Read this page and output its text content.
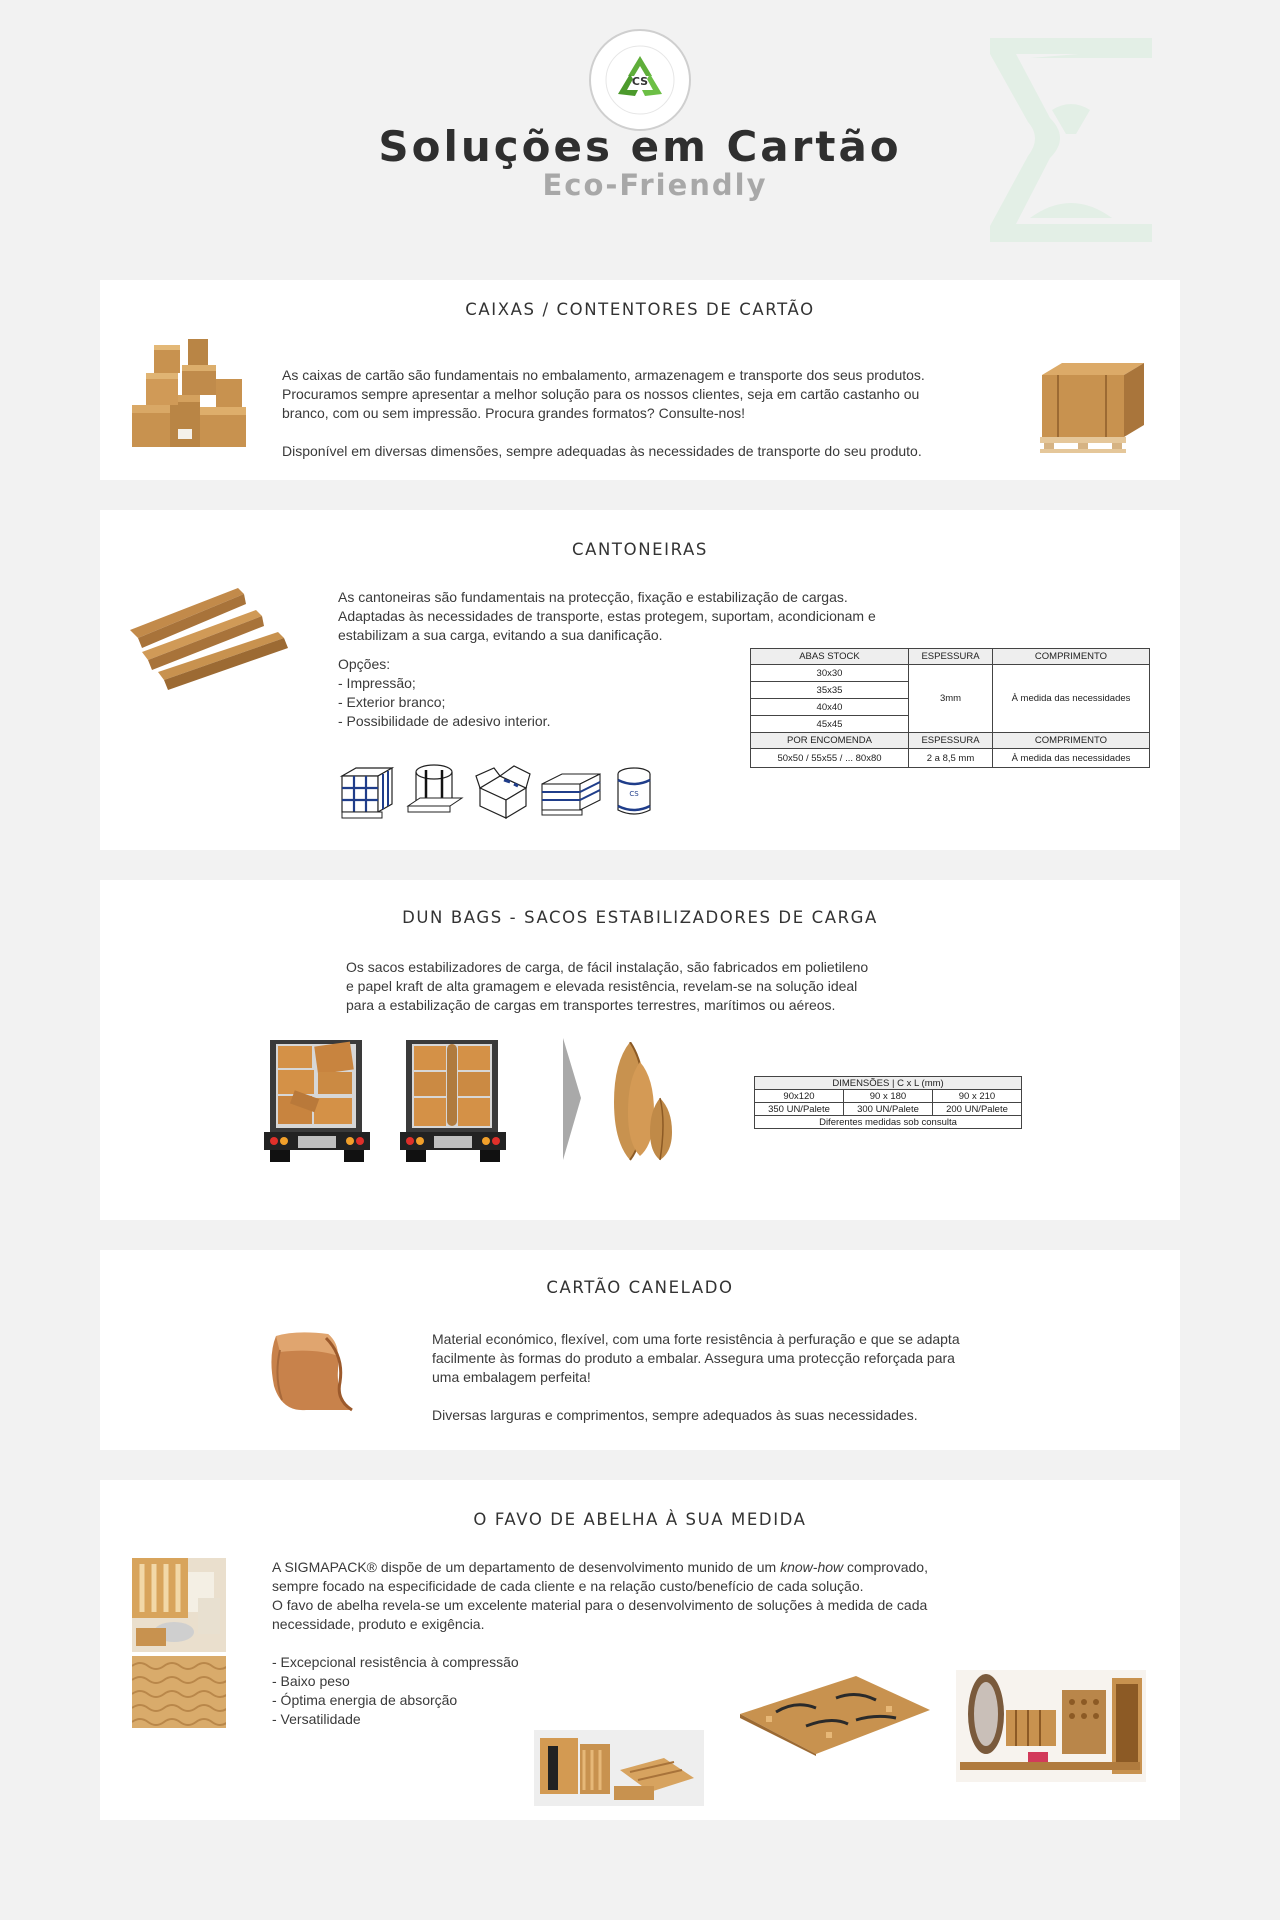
CS
Soluções em Cartão
Eco-Friendly
CAIXAS / CONTENTORES DE CARTÃO

As caixas de cartão são fundamentais no embalamento, armazenagem e transporte dos seus produtos.
Procuramos sempre apresentar a melhor solução para os nossos clientes, seja em cartão castanho ou
branco, com ou sem impressão. Procura grandes formatos? Consulte-nos!

Disponível em diversas dimensões, sempre adequadas às necessidades de transporte do seu produto.

CANTONEIRAS

As cantoneiras são fundamentais na protecção, fixação e estabilização de cargas.
Adaptadas às necessidades de transporte, estas protegem, suportam, acondicionam e
estabilizam a sua carga, evitando a sua danificação.

Opções:

- Impressão;

- Exterior branco;

- Possibilidade de adesivo interior.

CS
ABAS STOCK	ESPESSURA	COMPRIMENTO
30x30	3mm	À medida das necessidades
35x35		
40x40		
45x45		
POR ENCOMENDA	ESPESSURA	COMPRIMENTO
50x50 / 55x55 / ... 80x80	2 a 8,5 mm	À medida das necessidades
DUN BAGS - SACOS ESTABILIZADORES DE CARGA

Os sacos estabilizadores de carga, de fácil instalação, são fabricados em polietileno
e papel kraft de alta gramagem e elevada resistência, revelam-se na solução ideal
para a estabilização de cargas em transportes terrestres, marítimos ou aéreos.

DIMENSÕES | C x L (mm)		
90x120	90 x 180	90 x 210
350 UN/Palete	300 UN/Palete	200 UN/Palete
Diferentes medidas sob consulta		
CARTÃO CANELADO

Material económico, flexível, com uma forte resistência à perfuração e que se adapta
facilmente às formas do produto a embalar. Assegura uma protecção reforçada para
uma embalagem perfeita!

Diversas larguras e comprimentos, sempre adequados às suas necessidades.

O FAVO DE ABELHA À SUA MEDIDA

A SIGMAPACK® dispõe de um departamento de desenvolvimento munido de um know-how comprovado,

sempre focado na especificidade de cada cliente e na relação custo/benefício de cada solução.

O favo de abelha revela-se um excelente material para o desenvolvimento de soluções à medida de cada

necessidade, produto e exigência.

- Excepcional resistência à compressão

- Baixo peso

- Óptima energia de absorção

- Versatilidade
